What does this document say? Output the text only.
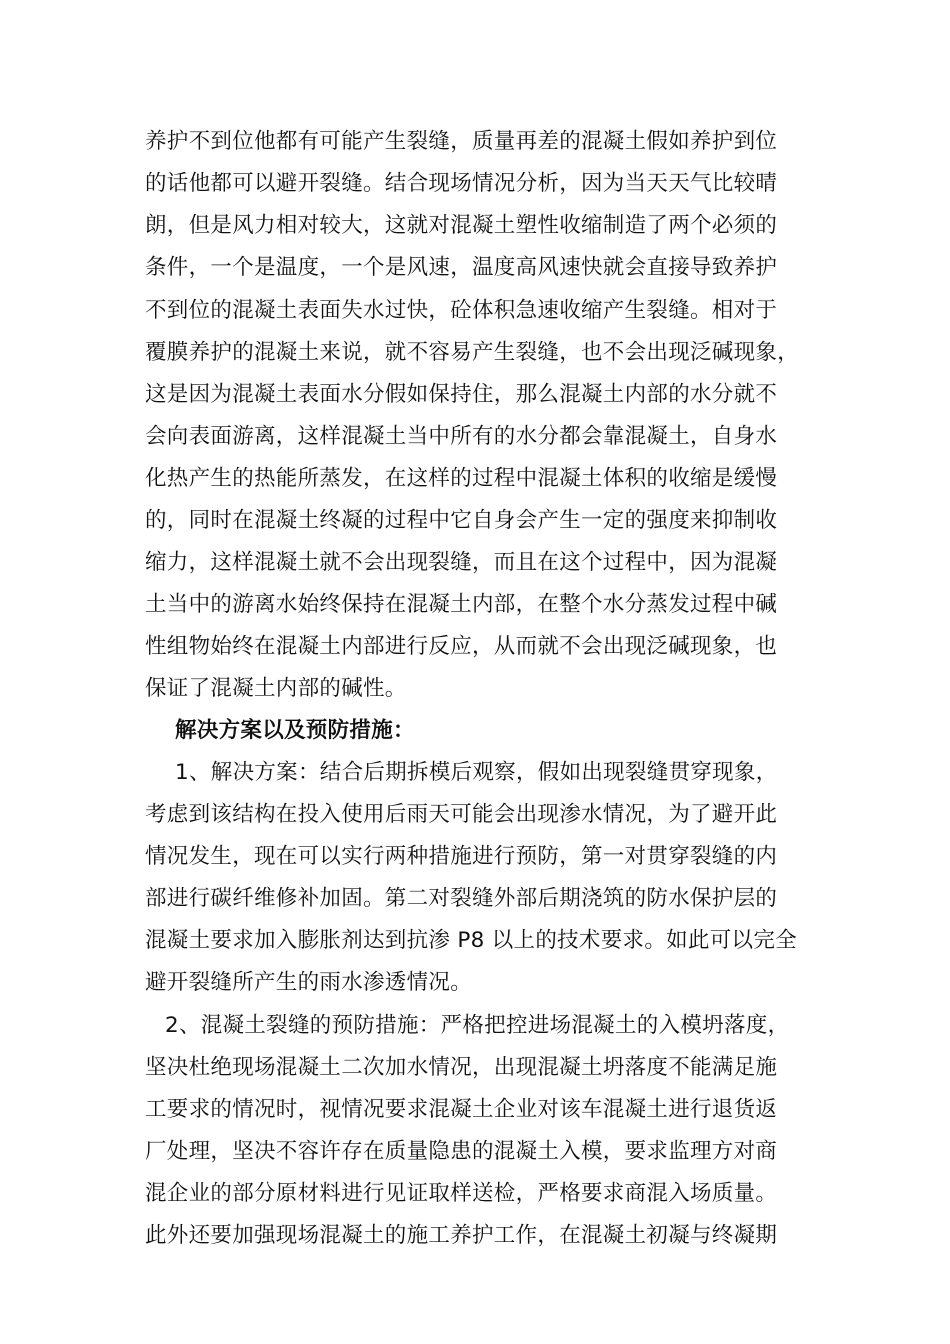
养护不到位他都有可能产生裂缝，质量再差的混凝土假如养护到位
的话他都可以避开裂缝。结合现场情况分析，因为当天天气比较晴
朗，但是风力相对较大，这就对混凝土塑性收缩制造了两个必须的
条件，一个是温度，一个是风速，温度高风速快就会直接导致养护
不到位的混凝土表面失水过快，砼体积急速收缩产生裂缝。相对于
覆膜养护的混凝土来说，就不容易产生裂缝，也不会出现泛碱现象，
这是因为混凝土表面水分假如保持住，那么混凝土内部的水分就不
会向表面游离，这样混凝土当中所有的水分都会靠混凝土，自身水
化热产生的热能所蒸发，在这样的过程中混凝土体积的收缩是缓慢
的，同时在混凝土终凝的过程中它自身会产生一定的强度来抑制收
缩力，这样混凝土就不会出现裂缝，而且在这个过程中，因为混凝
土当中的游离水始终保持在混凝土内部，在整个水分蒸发过程中碱
性组物始终在混凝土内部进行反应，从而就不会出现泛碱现象，也
保证了混凝土内部的碱性。
解决方案以及预防措施：
1、解决方案：结合后期拆模后观察，假如出现裂缝贯穿现象，
考虑到该结构在投入使用后雨天可能会出现渗水情况，为了避开此
情况发生，现在可以实行两种措施进行预防，第一对贯穿裂缝的内
部进行碳纤维修补加固。第二对裂缝外部后期浇筑的防水保护层的
混凝土要求加入膨胀剂达到抗渗 P8 以上的技术要求。如此可以完全
避开裂缝所产生的雨水渗透情况。
2、混凝土裂缝的预防措施：严格把控进场混凝土的入模坍落度，
坚决杜绝现场混凝土二次加水情况，出现混凝土坍落度不能满足施
工要求的情况时，视情况要求混凝土企业对该车混凝土进行退货返
厂处理，坚决不容许存在质量隐患的混凝土入模，要求监理方对商
混企业的部分原材料进行见证取样送检，严格要求商混入场质量。
此外还要加强现场混凝土的施工养护工作，在混凝土初凝与终凝期
